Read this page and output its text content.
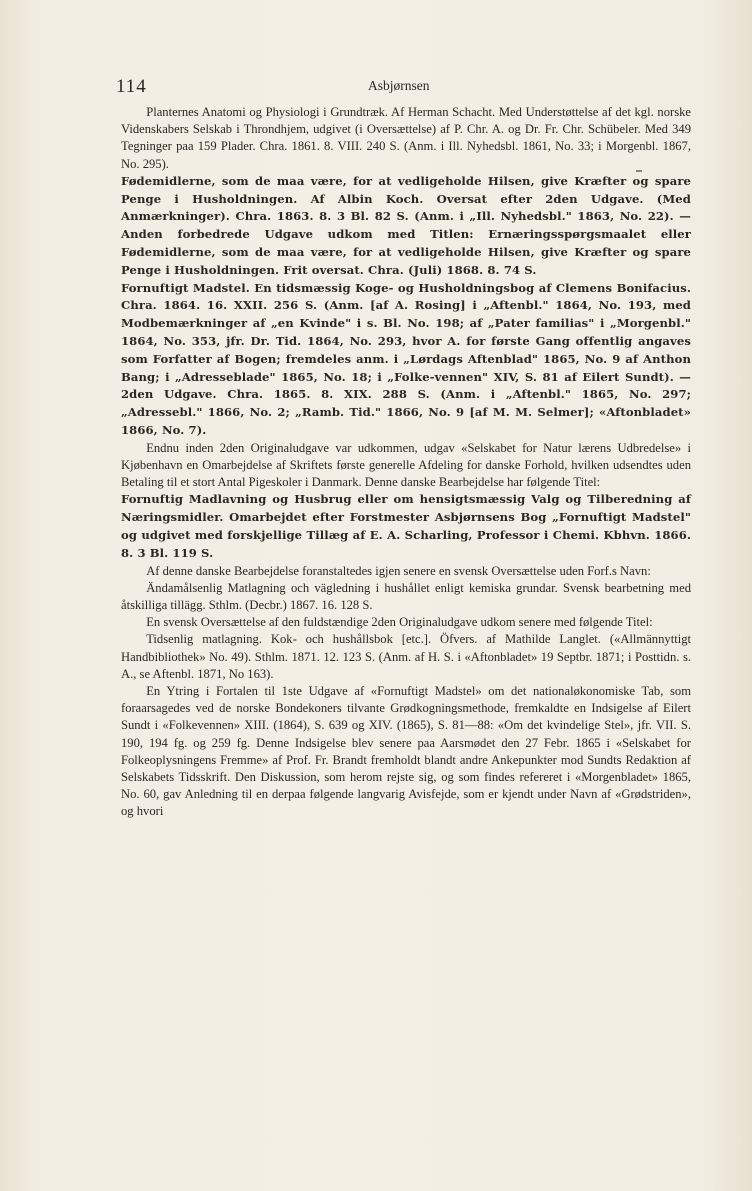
114	Asbjørnsen

Planternes Anatomi og Physiologi i Grundtræk. Af Herman Schacht. Med Understøttelse af det kgl. norske Videnskabers Selskab i Throndhjem, udgivet (i Oversættelse) af P. Chr. A. og Dr. Fr. Chr. Schübeler. Med 349 Tegninger paa 159 Plader. Chra. 1861. 8. VIII. 240 S. (Anm. i Ill. Nyhedsbl. 1861, No. 33; i Morgenbl. 1867, No. 295).

Fødemidlerne, som de maa være, for at vedligeholde Hilsen, give Kræfter og spare Penge i Husholdningen. Af Albin Koch. Oversat efter 2den Udgave. (Med Anmærkninger). Chra. 1863. 8. 3 Bl. 82 S. (Anm. i „Ill. Nyhedsbl." 1863, No. 22). — Anden forbedrede Udgave udkom med Titlen: Ernæringsspørgsmaalet eller Fødemidlerne, som de maa være, for at vedligeholde Hilsen, give Kræfter og spare Penge i Husholdningen. Frit oversat. Chra. (Juli) 1868. 8. 74 S.

Fornuftigt Madstel. En tidsmæssig Koge- og Husholdningsbog af Clemens Bonifacius. Chra. 1864. 16. XXII. 256 S. (Anm. [af A. Rosing] i „Aftenbl." 1864, No. 193, med Modbemærkninger af „en Kvinde" i s. Bl. No. 198; af „Pater familias" i „Morgenbl." 1864, No. 353, jfr. Dr. Tid. 1864, No. 293, hvor A. for første Gang offentlig angaves som Forfatter af Bogen; fremdeles anm. i „Lørdags Aftenblad" 1865, No. 9 af Anthon Bang; i „Adresseblade" 1865, No. 18; i „Folke-vennen" XIV, S. 81 af Eilert Sundt). — 2den Udgave. Chra. 1865. 8. XIX. 288 S. (Anm. i „Aftenbl." 1865, No. 297; „Adressebl." 1866, No. 2; „Ramb. Tid." 1866, No. 9 [af M. M. Selmer]; «Aftonbladet» 1866, No. 7).

Endnu inden 2den Originaludgave var udkommen, udgav «Selskabet for Natur lærens Udbredelse» i Kjøbenhavn en Omarbejdelse af Skriftets første generelle Afdeling for danske Forhold, hvilken udsendtes uden Betaling til et stort Antal Pigeskoler i Danmark. Denne danske Bearbejdelse har følgende Titel:

Fornuftig Madlavning og Husbrug eller om hensigtsmæssig Valg og Tilberedning af Næringsmidler. Omarbejdet efter Forstmester Asbjørnsens Bog „Fornuftigt Madstel" og udgivet med forskjellige Tillæg af E. A. Scharling, Professor i Chemi. Kbhvn. 1866. 8. 3 Bl. 119 S.

Af denne danske Bearbejdelse foranstaltedes igjen senere en svensk Oversættelse uden Forf.s Navn:

Ändamålsenlig Matlagning och vägledning i hushållet enligt kemiska grundar. Svensk bearbetning med åtskilliga tillägg. Sthlm. (Decbr.) 1867. 16. 128 S.

En svensk Oversættelse af den fuldstændige 2den Originaludgave udkom senere med følgende Titel:

Tidsenlig matlagning. Kok- och hushållsbok [etc.]. Öfvers. af Mathilde Langlet. («Allmännyttigt Handbibliothek» No. 49). Sthlm. 1871. 12. 123 S. (Anm. af H. S. i «Aftonbladet» 19 Septbr. 1871; i Posttidn. s. A., se Aftenbl. 1871, No 163).

En Ytring i Fortalen til 1ste Udgave af «Fornuftigt Madstel» om det nationaløkonomiske Tab, som foraarsagedes ved de norske Bondekoners tilvante Grødkogningsmethode, fremkaldte en Indsigelse af Eilert Sundt i «Folkevennen» XIII. (1864), S. 639 og XIV. (1865), S. 81—88: «Om det kvindelige Stel», jfr. VII. S. 190, 194 fg. og 259 fg. Denne Indsigelse blev senere paa Aarsmødet den 27 Febr. 1865 i «Selskabet for Folkeoplysningens Fremme» af Prof. Fr. Brandt fremholdt blandt andre Ankepunkter mod Sundts Redaktion af Selskabets Tidsskrift. Den Diskussion, som herom rejste sig, og som findes refereret i «Morgenbladet» 1865, No. 60, gav Anledning til en derpaa følgende langvarig Avisfejde, som er kjendt under Navn af «Grødstriden», og hvori
